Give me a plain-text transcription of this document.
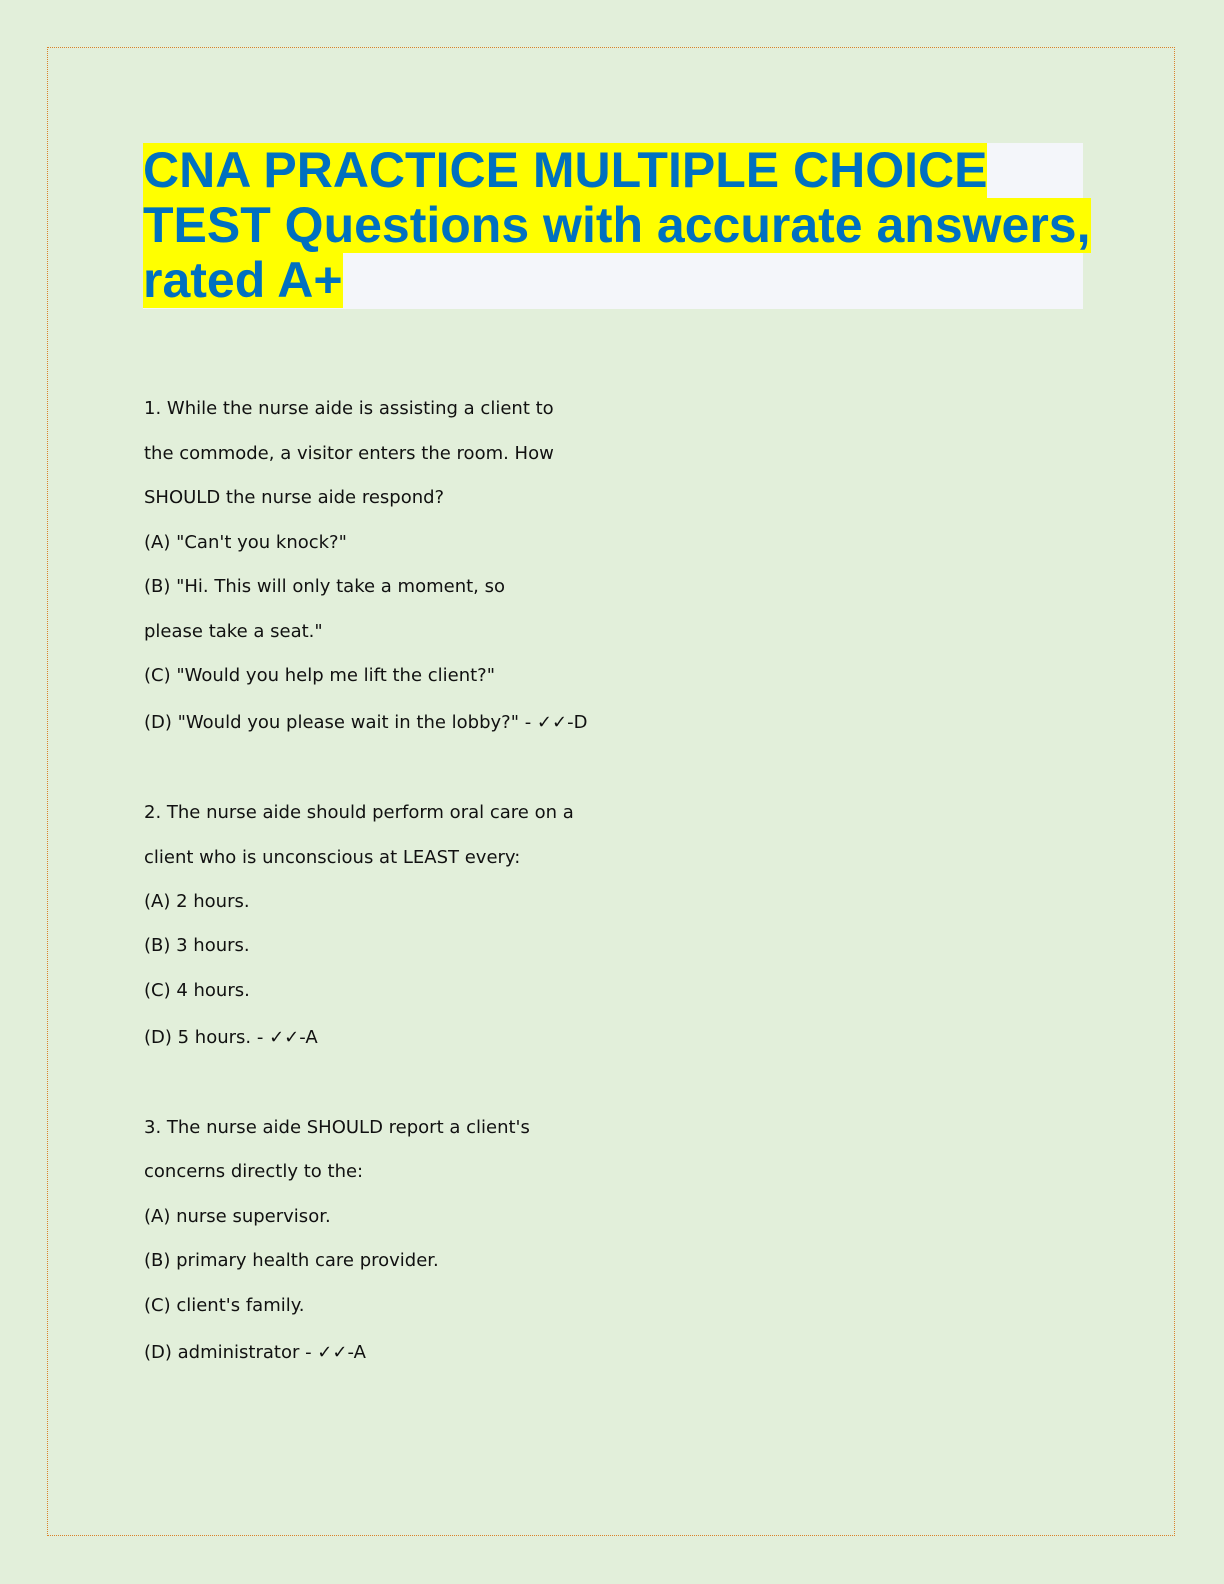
CNA PRACTICE MULTIPLE CHOICE
TEST Questions with accurate answers,
rated A+
1. While the nurse aide is assisting a client to
the commode, a visitor enters the room. How
SHOULD the nurse aide respond?
(A) "Can't you knock?"
(B) "Hi. This will only take a moment, so
please take a seat."
(C) "Would you help me lift the client?"
(D) "Would you please wait in the lobby?" - ✓✓-D
2. The nurse aide should perform oral care on a
client who is unconscious at LEAST every:
(A) 2 hours.
(B) 3 hours.
(C) 4 hours.
(D) 5 hours. - ✓✓-A
3. The nurse aide SHOULD report a client's
concerns directly to the:
(A) nurse supervisor.
(B) primary health care provider.
(C) client's family.
(D) administrator - ✓✓-A
